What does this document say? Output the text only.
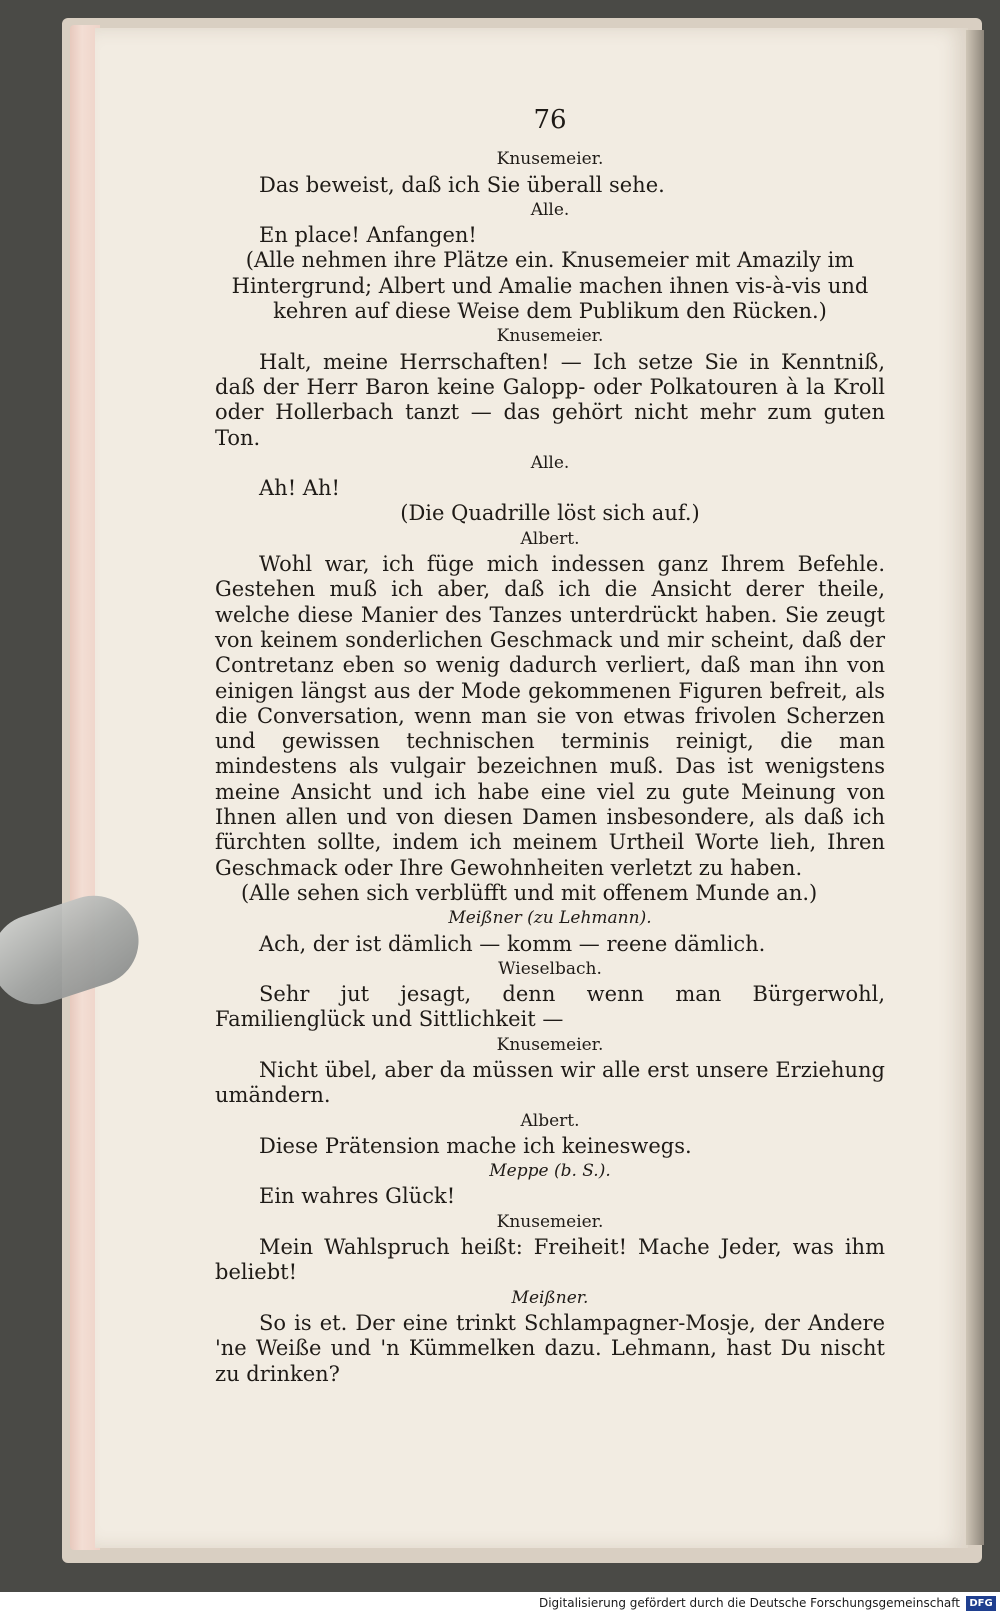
76

Knusemeier.

Das beweist, daß ich Sie überall sehe.

Alle.

En place! Anfangen!

(Alle nehmen ihre Plätze ein. Knusemeier mit Amazily im Hintergrund; Albert und Amalie machen ihnen vis-à-vis und kehren auf diese Weise dem Publikum den Rücken.)

Knusemeier.

Halt, meine Herrschaften! — Ich setze Sie in Kenntniß, daß der Herr Baron keine Galopp- oder Polkatouren à la Kroll oder Hollerbach tanzt — das gehört nicht mehr zum guten Ton.

Alle.

Ah! Ah!

(Die Quadrille löst sich auf.)

Albert.

Wohl war, ich füge mich indessen ganz Ihrem Befehle. Gestehen muß ich aber, daß ich die Ansicht derer theile, welche diese Manier des Tanzes unterdrückt haben. Sie zeugt von keinem sonderlichen Geschmack und mir scheint, daß der Contretanz eben so wenig dadurch verliert, daß man ihn von einigen längst aus der Mode gekommenen Figuren befreit, als die Conversation, wenn man sie von etwas frivolen Scherzen und gewissen technischen terminis reinigt, die man mindestens als vulgair bezeichnen muß. Das ist wenigstens meine Ansicht und ich habe eine viel zu gute Meinung von Ihnen allen und von diesen Damen insbesondere, als daß ich fürchten sollte, indem ich meinem Urtheil Worte lieh, Ihren Geschmack oder Ihre Gewohnheiten verletzt zu haben.

(Alle sehen sich verblüfft und mit offenem Munde an.)

Meißner (zu Lehmann).

Ach, der ist dämlich — komm — reene dämlich.

Wieselbach.

Sehr jut jesagt, denn wenn man Bürgerwohl, Familienglück und Sittlichkeit —

Knusemeier.

Nicht übel, aber da müssen wir alle erst unsere Erziehung umändern.

Albert.

Diese Prätension mache ich keineswegs.

Meppe (b. S.).

Ein wahres Glück!

Knusemeier.

Mein Wahlspruch heißt: Freiheit! Mache Jeder, was ihm beliebt!

Meißner.

So is et. Der eine trinkt Schlampagner-Mosje, der Andere 'ne Weiße und 'n Kümmelken dazu. Lehmann, hast Du nischt zu drinken?

Digitalisierung gefördert durch die Deutsche Forschungsgemeinschaft DFG
